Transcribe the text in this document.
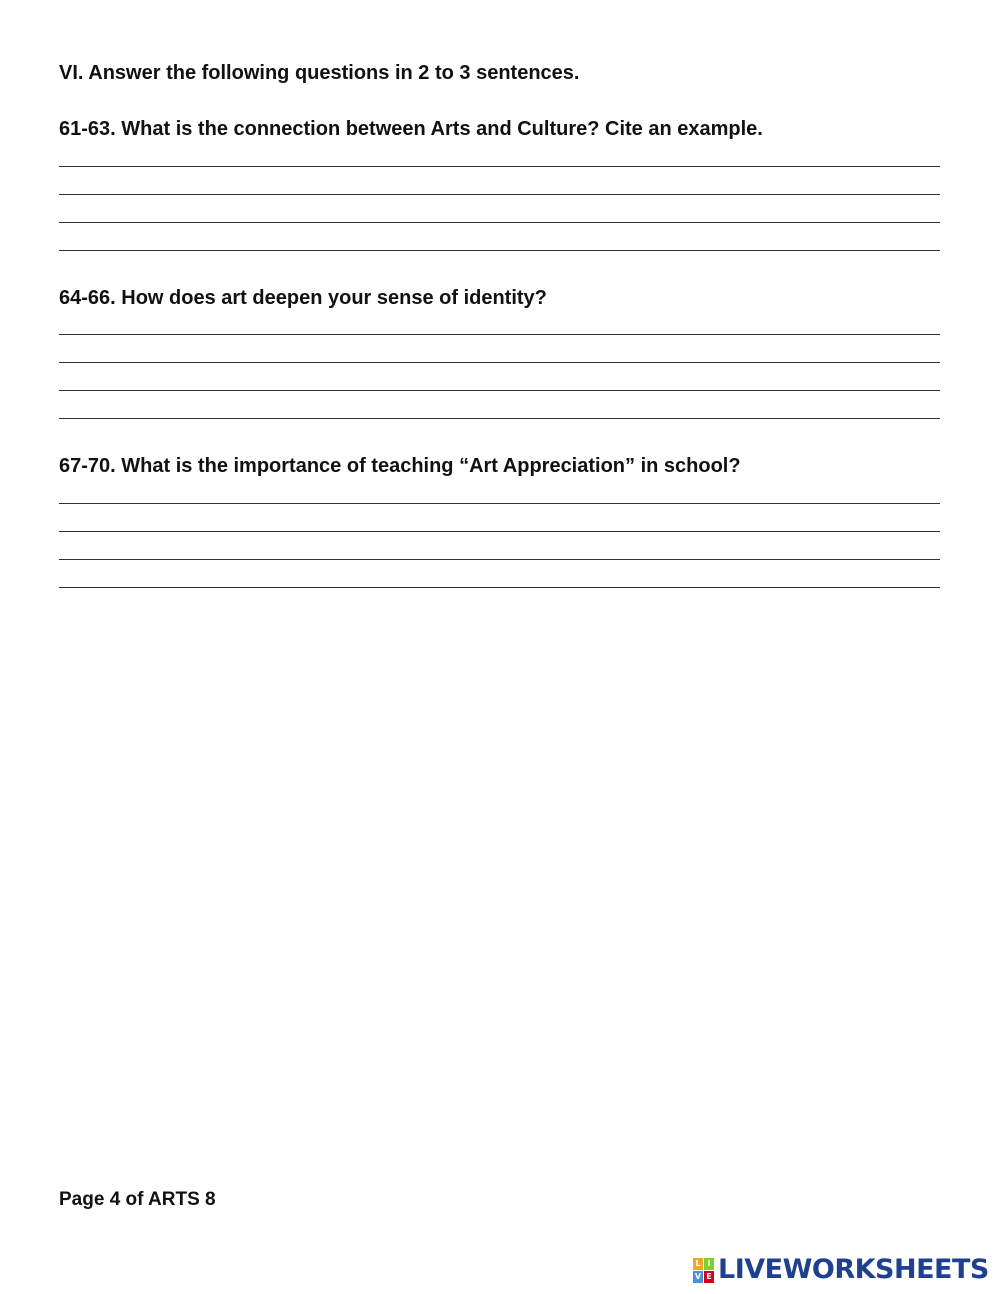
VI. Answer the following questions in 2 to 3 sentences.
61-63. What is the connection between Arts and Culture? Cite an example.
64-66. How does art deepen your sense of identity?
67-70. What is the importance of teaching “Art Appreciation” in school?
Page 4 of ARTS 8
L I
V E LIVEWORKSHEETS
